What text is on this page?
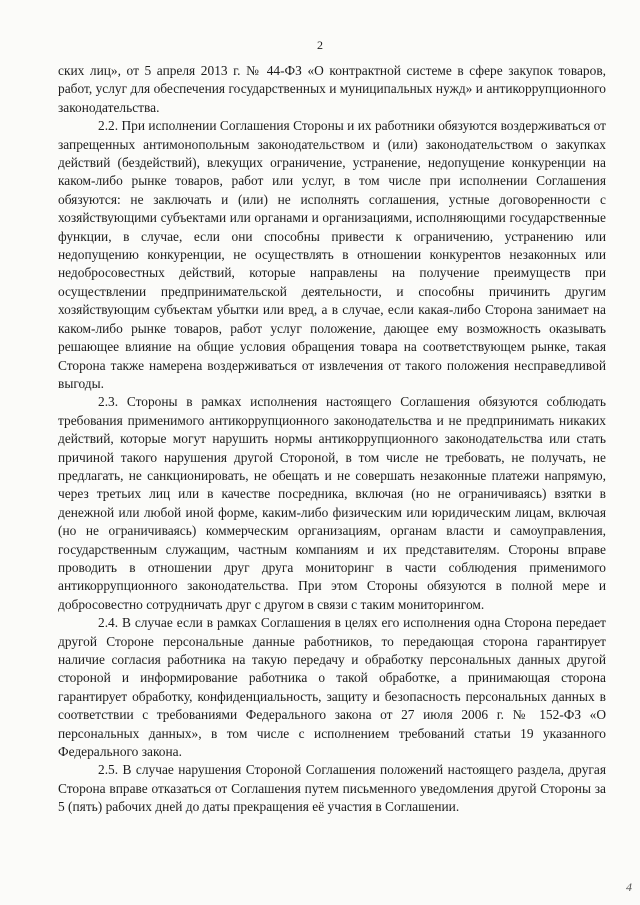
2

ских лиц», от 5 апреля 2013 г. № 44-ФЗ «О контрактной системе в сфере закупок товаров, работ, услуг для обеспечения государственных и муниципальных нужд» и антикоррупционного законодательства.

2.2. При исполнении Соглашения Стороны и их работники обязуются воздерживаться от запрещенных антимонопольным законодательством и (или) законодательством о закупках действий (бездействий), влекущих ограничение, устранение, недопущение конкуренции на каком-либо рынке товаров, работ или услуг, в том числе при исполнении Соглашения обязуются: не заключать и (или) не исполнять соглашения, устные договоренности с хозяйствующими субъектами или органами и организациями, исполняющими государственные функции, в случае, если они способны привести к ограничению, устранению или недопущению конкуренции, не осуществлять в отношении конкурентов незаконных или недобросовестных действий, которые направлены на получение преимуществ при осуществлении предпринимательской деятельности, и способны причинить другим хозяйствующим субъектам убытки или вред, а в случае, если какая-либо Сторона занимает на каком-либо рынке товаров, работ услуг положение, дающее ему возможность оказывать решающее влияние на общие условия обращения товара на соответствующем рынке, такая Сторона также намерена воздерживаться от извлечения от такого положения несправедливой выгоды.

2.3. Стороны в рамках исполнения настоящего Соглашения обязуются соблюдать требования применимого антикоррупционного законодательства и не предпринимать никаких действий, которые могут нарушить нормы антикоррупционного законодательства или стать причиной такого нарушения другой Стороной, в том числе не требовать, не получать, не предлагать, не санкционировать, не обещать и не совершать незаконные платежи напрямую, через третьих лиц или в качестве посредника, включая (но не ограничиваясь) взятки в денежной или любой иной форме, каким-либо физическим или юридическим лицам, включая (но не ограничиваясь) коммерческим организациям, органам власти и самоуправления, государственным служащим, частным компаниям и их представителям. Стороны вправе проводить в отношении друг друга мониторинг в части соблюдения применимого антикоррупционного законодательства. При этом Стороны обязуются в полной мере и добросовестно сотрудничать друг с другом в связи с таким мониторингом.

2.4. В случае если в рамках Соглашения в целях его исполнения одна Сторона передает другой Стороне персональные данные работников, то передающая сторона гарантирует наличие согласия работника на такую передачу и обработку персональных данных другой стороной и информирование работника о такой обработке, а принимающая сторона гарантирует обработку, конфиденциальность, защиту и безопасность персональных данных в соответствии с требованиями Федерального закона от 27 июля 2006 г. № 152-ФЗ «О персональных данных», в том числе с исполнением требований статьи 19 указанного Федерального закона.

2.5. В случае нарушения Стороной Соглашения положений настоящего раздела, другая Сторона вправе отказаться от Соглашения путем письменного уведомления другой Стороны за 5 (пять) рабочих дней до даты прекращения её участия в Соглашении.

4
